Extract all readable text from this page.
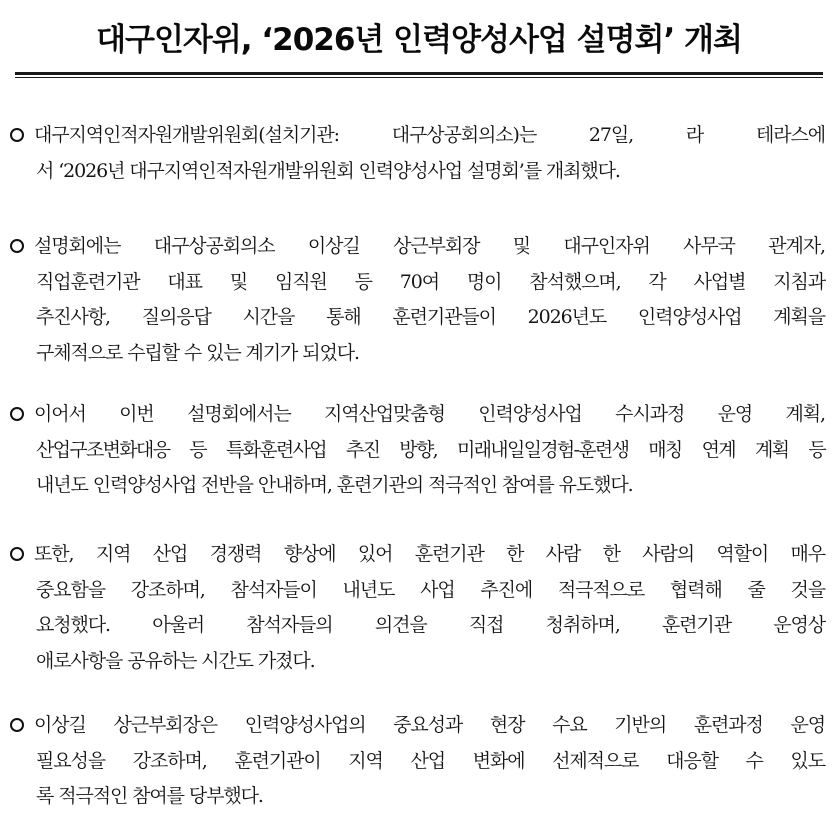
대구인자위, ‘2026년 인력양성사업 설명회’ 개최
대구지역인적자원개발위원회(설치기관: 대구상공회의소)는 27일, 라 테라스에
서 ‘2026년 대구지역인적자원개발위원회 인력양성사업 설명회’를 개최했다.
설명회에는 대구상공회의소 이상길 상근부회장 및 대구인자위 사무국 관계자,
직업훈련기관 대표 및 임직원 등 70여 명이 참석했으며, 각 사업별 지침과
추진사항, 질의응답 시간을 통해 훈련기관들이 2026년도 인력양성사업 계획을
구체적으로 수립할 수 있는 계기가 되었다.
이어서 이번 설명회에서는 지역산업맞춤형 인력양성사업 수시과정 운영 계획,
산업구조변화대응 등 특화훈련사업 추진 방향, 미래내일일경험-훈련생 매칭 연계 계획 등
내년도 인력양성사업 전반을 안내하며, 훈련기관의 적극적인 참여를 유도했다.
또한, 지역 산업 경쟁력 향상에 있어 훈련기관 한 사람 한 사람의 역할이 매우
중요함을 강조하며, 참석자들이 내년도 사업 추진에 적극적으로 협력해 줄 것을
요청했다. 아울러 참석자들의 의견을 직접 청취하며, 훈련기관 운영상
애로사항을 공유하는 시간도 가졌다.
이상길 상근부회장은 인력양성사업의 중요성과 현장 수요 기반의 훈련과정 운영
필요성을 강조하며, 훈련기관이 지역 산업 변화에 선제적으로 대응할 수 있도
록 적극적인 참여를 당부했다.
